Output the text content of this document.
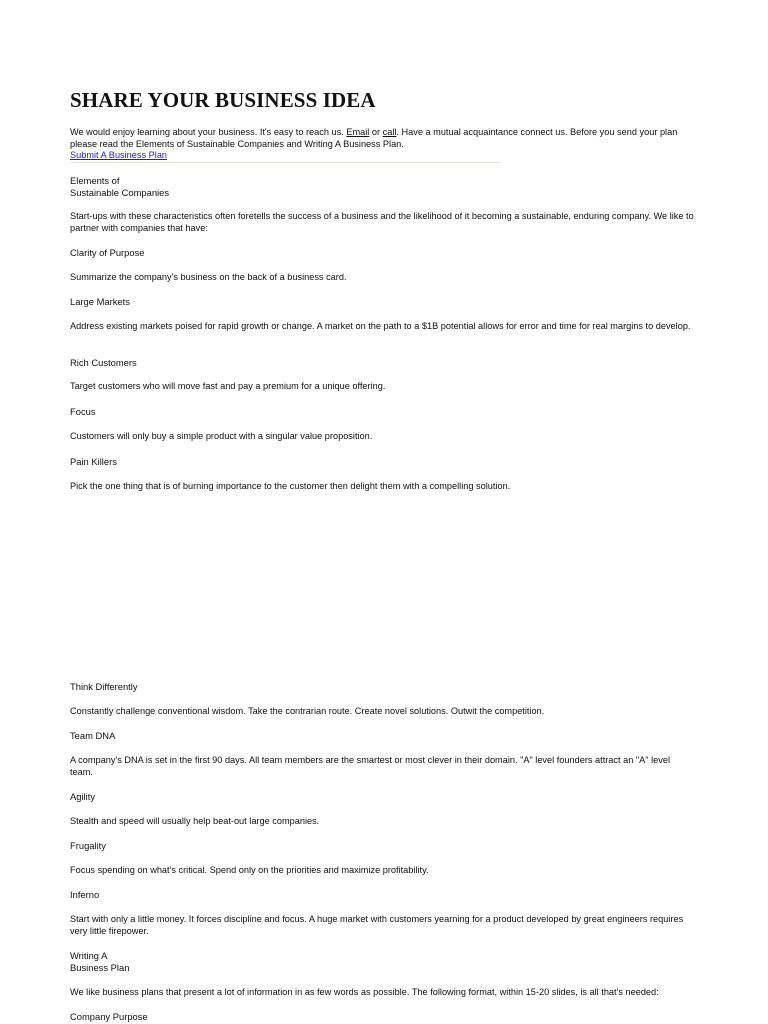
SHARE YOUR BUSINESS IDEA
We would enjoy learning about your business. It's easy to reach us. Email or call. Have a mutual acquaintance connect us. Before you send your plan please read the Elements of Sustainable Companies and Writing A Business Plan.
Submit A Business Plan
Elements of
Sustainable Companies
Start-ups with these characteristics often foretells the success of a business and the likelihood of it becoming a sustainable, enduring company. We like to partner with companies that have:
Clarity of Purpose
Summarize the company's business on the back of a business card.
Large Markets
Address existing markets poised for rapid growth or change. A market on the path to a $1B potential allows for error and time for real margins to develop.
Rich Customers
Target customers who will move fast and pay a premium for a unique offering.
Focus
Customers will only buy a simple product with a singular value proposition.
Pain Killers
Pick the one thing that is of burning importance to the customer then delight them with a compelling solution.
Think Differently
Constantly challenge conventional wisdom. Take the contrarian route. Create novel solutions. Outwit the competition.
Team DNA
A company's DNA is set in the first 90 days. All team members are the smartest or most clever in their domain. "A" level founders attract an "A" level team.
Agility
Stealth and speed will usually help beat-out large companies.
Frugality
Focus spending on what's critical. Spend only on the priorities and maximize profitability.
Inferno
Start with only a little money. It forces discipline and focus. A huge market with customers yearning for a product developed by great engineers requires very little firepower.
Writing A
Business Plan
We like business plans that present a lot of information in as few words as possible. The following format, within 15-20 slides, is all that's needed:
Company Purpose
